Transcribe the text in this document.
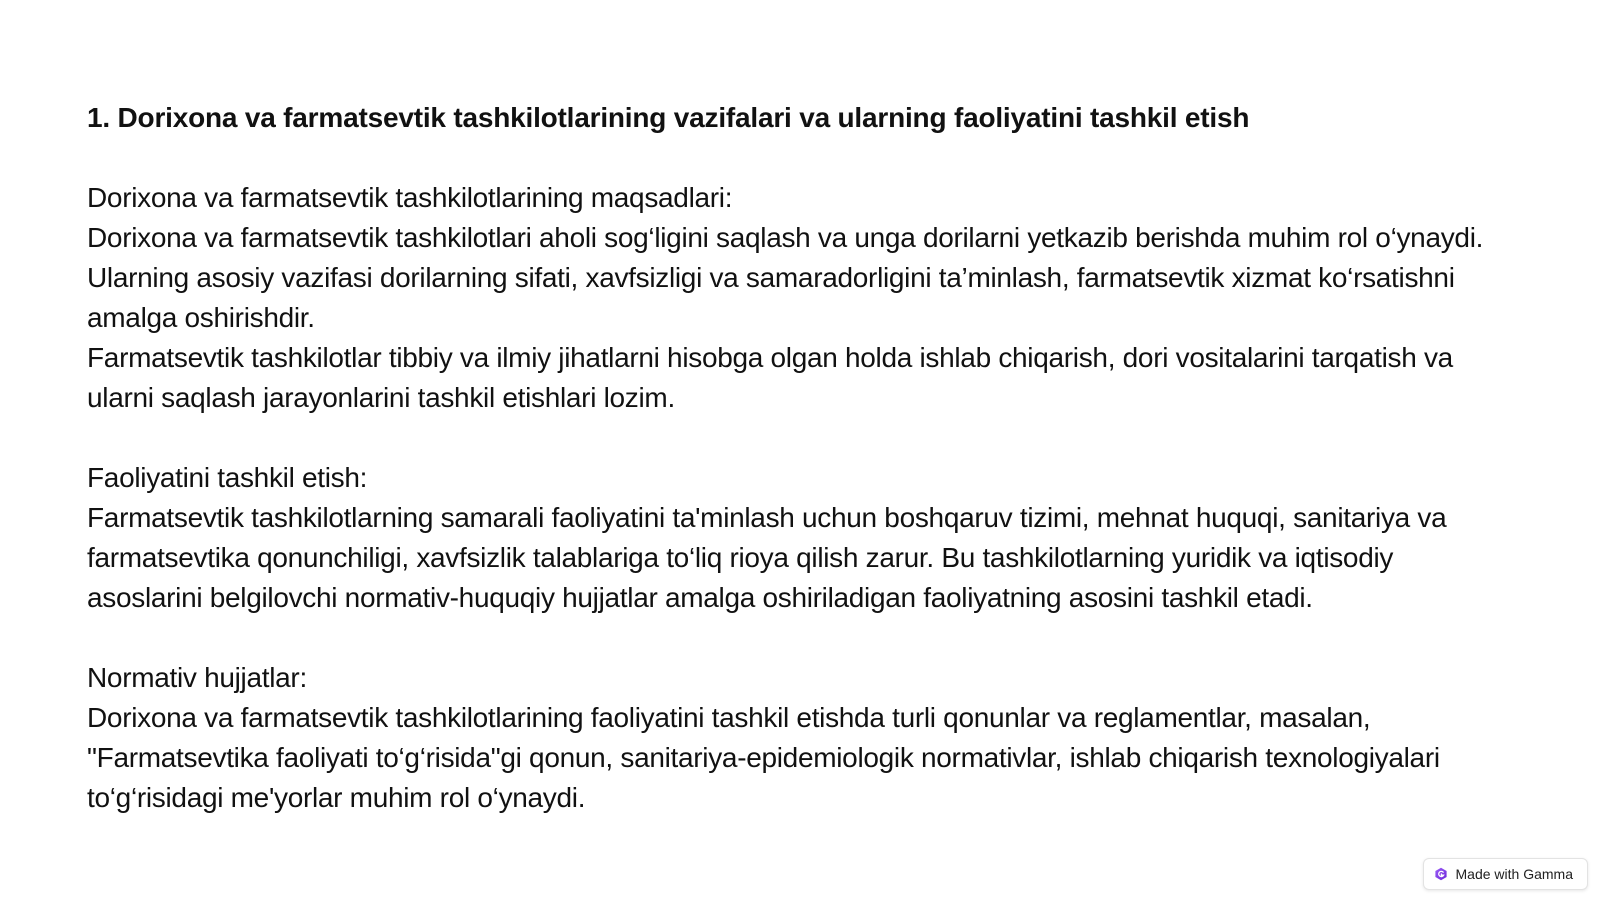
1. Dorixona va farmatsevtik tashkilotlarining vazifalari va ularning faoliyatini tashkil etish

Dorixona va farmatsevtik tashkilotlarining maqsadlari:

Dorixona va farmatsevtik tashkilotlari aholi sog‘ligini saqlash va unga dorilarni yetkazib berishda muhim rol o‘ynaydi. Ularning asosiy vazifasi dorilarning sifati, xavfsizligi va samaradorligini ta’minlash, farmatsevtik xizmat ko‘rsatishni amalga oshirishdir.

Farmatsevtik tashkilotlar tibbiy va ilmiy jihatlarni hisobga olgan holda ishlab chiqarish, dori vositalarini tarqatish va ularni saqlash jarayonlarini tashkil etishlari lozim.

Faoliyatini tashkil etish:

Farmatsevtik tashkilotlarning samarali faoliyatini ta'minlash uchun boshqaruv tizimi, mehnat huquqi, sanitariya va farmatsevtika qonunchiligi, xavfsizlik talablariga to‘liq rioya qilish zarur. Bu tashkilotlarning yuridik va iqtisodiy asoslarini belgilovchi normativ-huquqiy hujjatlar amalga oshiriladigan faoliyatning asosini tashkil etadi.

Normativ hujjatlar:

Dorixona va farmatsevtik tashkilotlarining faoliyatini tashkil etishda turli qonunlar va reglamentlar, masalan, "Farmatsevtika faoliyati to‘g‘risida"gi qonun, sanitariya-epidemiologik normativlar, ishlab chiqarish texnologiyalari to‘g‘risidagi me'yorlar muhim rol o‘ynaydi.

Made with Gamma
